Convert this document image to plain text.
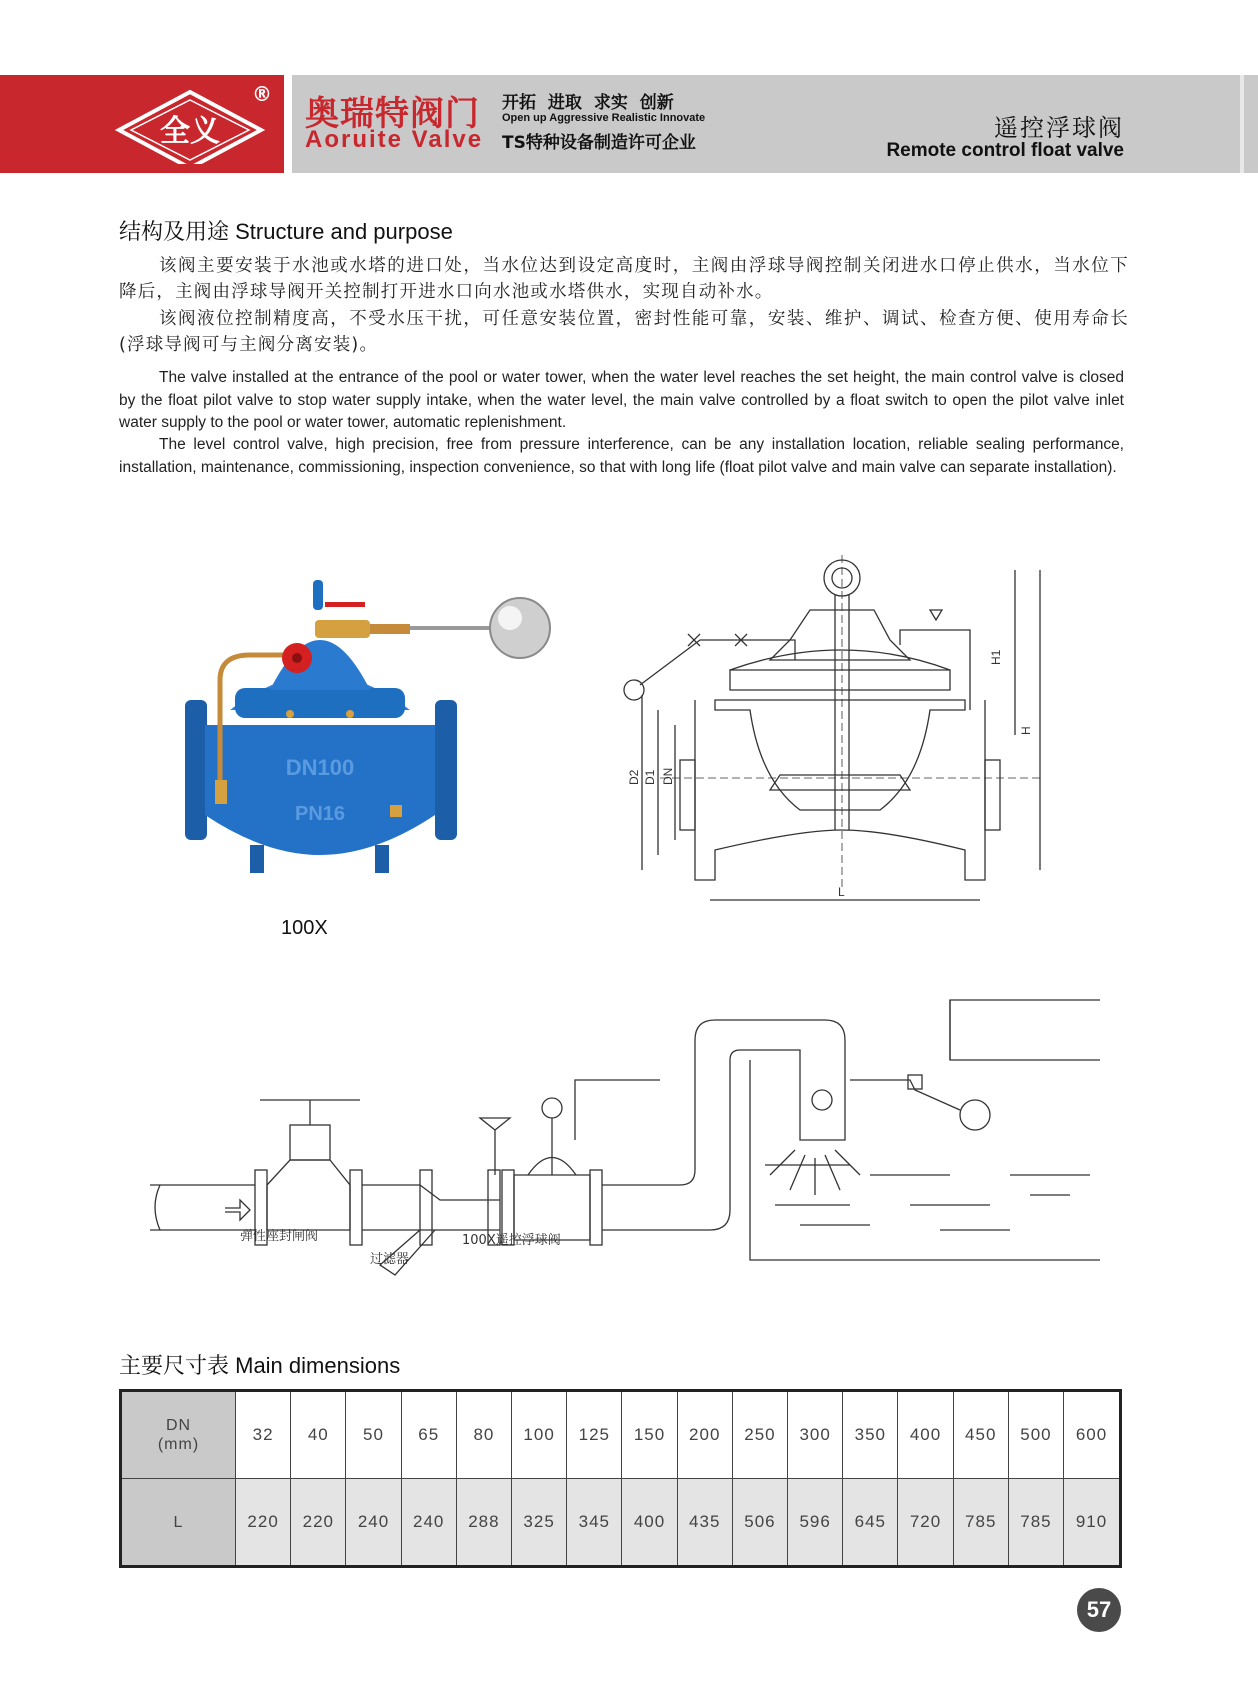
全义
® 奥瑞特阀门
Aoruite Valve
开拓 进取 求实 创新
Open up Aggressive Realistic Innovate
TS特种设备制造许可企业
遥控浮球阀
Remote control float valve
结构及用途 Structure and purpose
该阀主要安装于水池或水塔的进口处，当水位达到设定高度时，主阀由浮球导阀控制关闭进水口停止供水，当水位下降后，主阀由浮球导阀开关控制打开进水口向水池或水塔供水，实现自动补水。
该阀液位控制精度高，不受水压干扰，可任意安装位置，密封性能可靠，安装、维护、调试、检查方便、使用寿命长(浮球导阀可与主阀分离安装)。
The valve installed at the entrance of the pool or water tower, when the water level reaches the set height, the main control valve is closed by the float pilot valve to stop water supply intake, when the water level, the main valve controlled by a float switch to open the pilot valve inlet water supply to the pool or water tower, automatic replenishment.
The level control valve, high precision, free from pressure interference, can be any installation location, reliable sealing performance, installation, maintenance, commissioning, inspection convenience, so that with long life (float pilot valve and main valve can separate installation).
DN100
PN16
100X
H1
H
D2 D1 DN
L
弹性座封闸阀
过滤器
100X遥控浮球阀
主要尺寸表 Main dimensions
DN
(mm)	32	40	50	65	80	100	125	150	200	250	300	350	400	450	500	600
L	220	220	240	240	288	325	345	400	435	506	596	645	720	785	785	910
57
